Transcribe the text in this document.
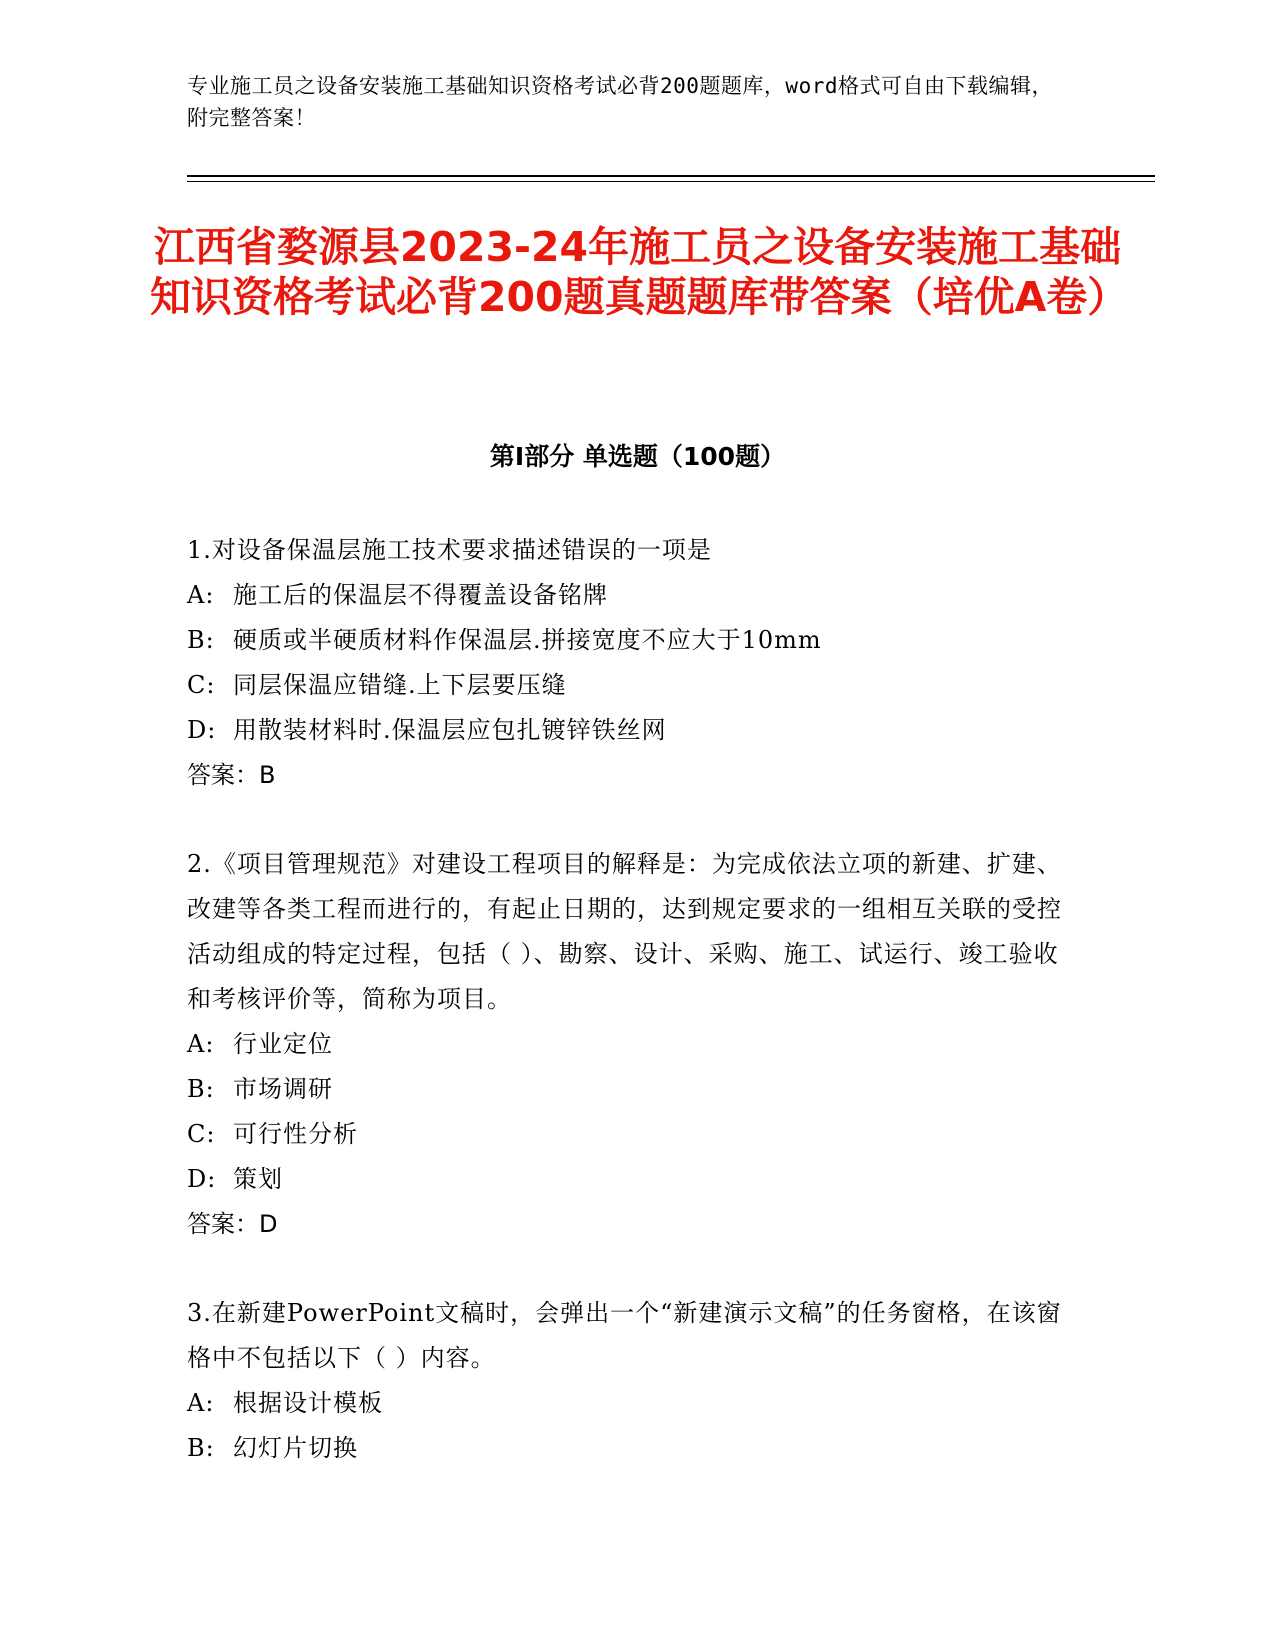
专业施工员之设备安装施工基础知识资格考试必背200题题库，word格式可自由下载编辑，附完整答案！
江西省婺源县2023-24年施工员之设备安装施工基础知识资格考试必背200题真题题库带答案（培优A卷）
第Ⅰ部分 单选题（100题）
1.对设备保温层施工技术要求描述错误的一项是
A: 施工后的保温层不得覆盖设备铭牌
B: 硬质或半硬质材料作保温层.拼接宽度不应大于10mm
C: 同层保温应错缝.上下层要压缝
D: 用散装材料时.保温层应包扎镀锌铁丝网
答案：B
2.《项目管理规范》对建设工程项目的解释是：为完成依法立项的新建、扩建、改建等各类工程而进行的，有起止日期的，达到规定要求的一组相互关联的受控活动组成的特定过程，包括（ ）、勘察、设计、采购、施工、试运行、竣工验收和考核评价等，简称为项目。
A: 行业定位
B: 市场调研
C: 可行性分析
D: 策划
答案：D
3.在新建PowerPoint文稿时，会弹出一个“新建演示文稿”的任务窗格，在该窗格中不包括以下（ ）内容。
A: 根据设计模板
B: 幻灯片切换
